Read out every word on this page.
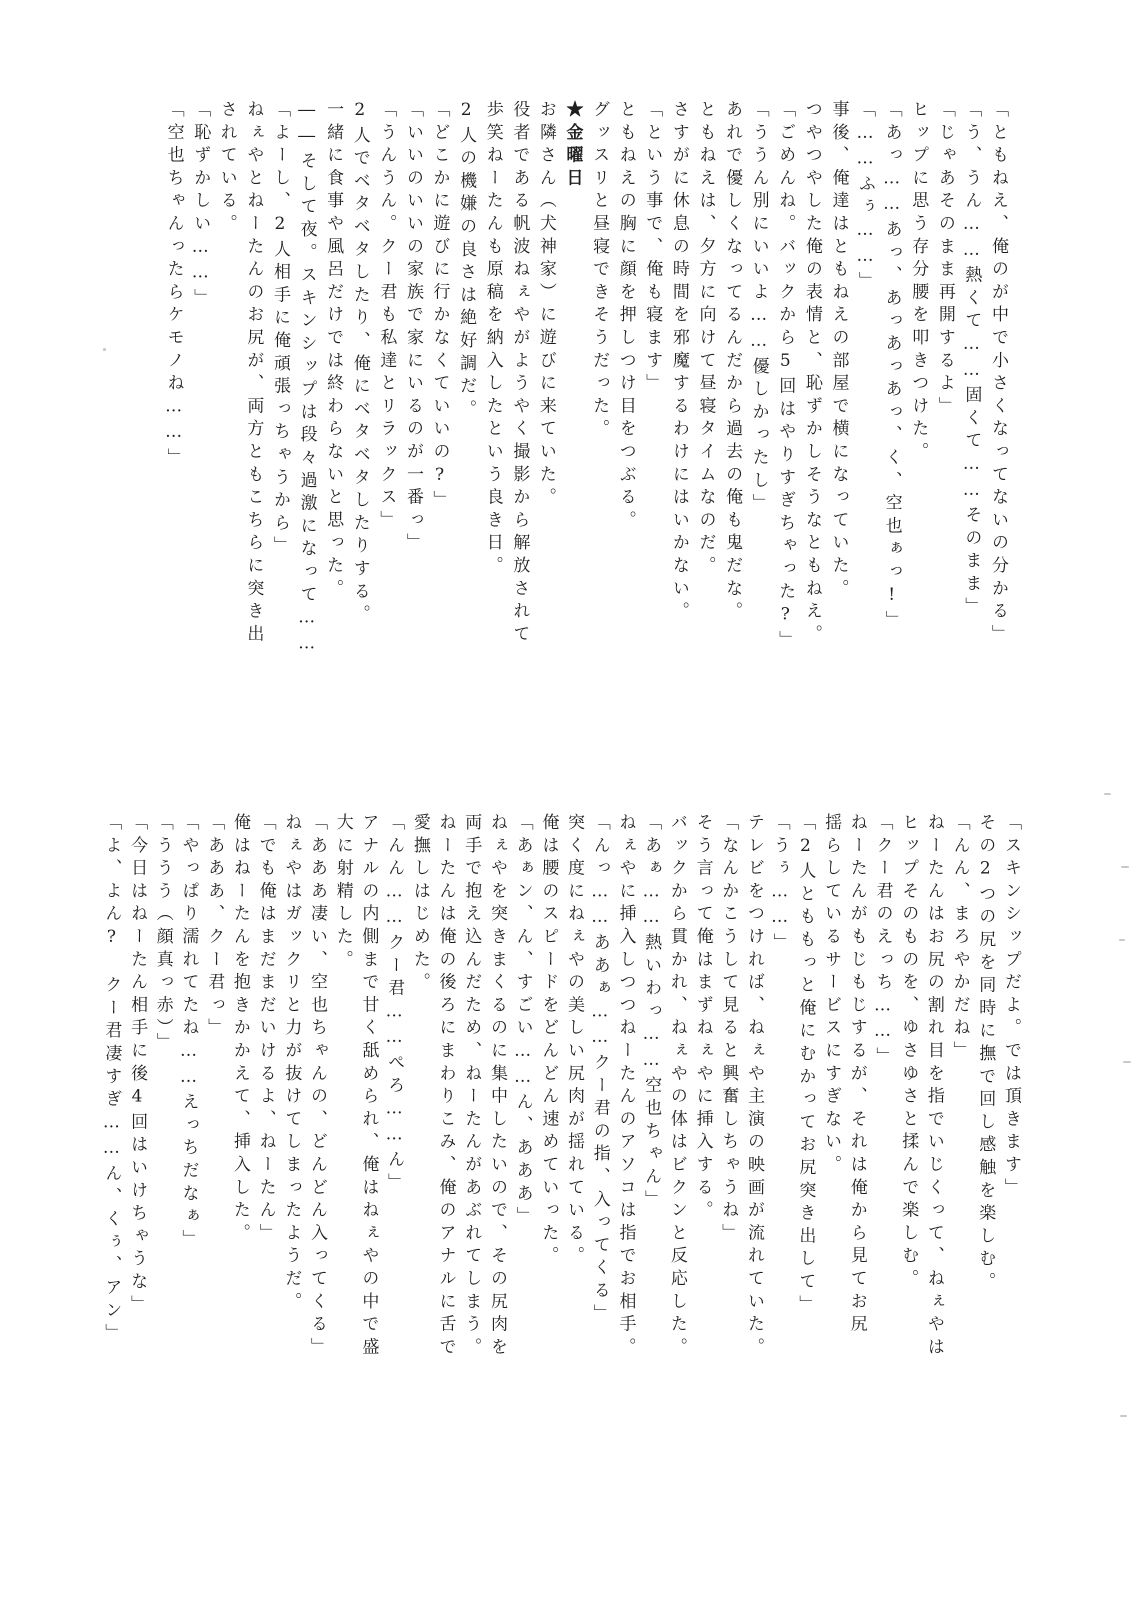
「ともねえ、俺のが中で小さくなってないの分かる」

「う、うん……熱くて……固くて……そのまま」

「じゃあそのまま再開するよ」

ヒップに思う存分腰を叩きつけた。

「あっ……あっ、あっあっあっ、く、空也ぁっ!」

「……ふぅ……」

事後、俺達はともねえの部屋で横になっていた。

つやつやした俺の表情と、恥ずかしそうなともねえ。

「ごめんね。バックから5回はやりすぎちゃった?」

「ううん別にいいよ……優しかったし」

あれで優しくなってるんだから過去の俺も鬼だな。

ともねえは、夕方に向けて昼寝タイムなのだ。

さすがに休息の時間を邪魔するわけにはいかない。

「という事で、俺も寝ます」

ともねえの胸に顔を押しつけ目をつぶる。

グッスリと昼寝できそうだった。

★金曜日

お隣さん（犬神家）に遊びに来ていた。

役者である帆波ねぇやがようやく撮影から解放されて

歩笑ねーたんも原稿を納入したという良き日。

2人の機嫌の良さは絶好調だ。

「どこかに遊びに行かなくていいの?」

「いいのいいの家族で家にいるのが一番っ」

「うんうん。クー君も私達とリラックス」

2人でベタベタしたり、俺にベタベタしたりする。

一緒に食事や風呂だけでは終わらないと思った。

――そして夜。スキンシップは段々過激になって……

「よーし、2人相手に俺頑張っちゃうから」

ねぇやとねーたんのお尻が、両方ともこちらに突き出

されている。

「恥ずかしい……」

「空也ちゃんったらケモノね……」

「スキンシップだよ。では頂きます」

その2つの尻を同時に撫で回し感触を楽しむ。

「んん、まろやかだね」

ねーたんはお尻の割れ目を指でいじくって、ねぇやは

ヒップそのものを、ゆさゆさと揉んで楽しむ。

「クー君のえっち……」

ねーたんがもじもじするが、それは俺から見てお尻

揺らしているサービスにすぎない。

「2人とももっと俺にむかってお尻突き出して」

「うぅ……」

テレビをつければ、ねぇや主演の映画が流れていた。

「なんかこうして見ると興奮しちゃうね」

そう言って俺はまずねぇやに挿入する。

バックから貫かれ、ねぇやの体はビクンと反応した。

「あぁ……熱いわっ……空也ちゃん」

ねぇやに挿入しつつねーたんのアソコは指でお相手。

「んっ……ああぁ……クー君の指、入ってくる」

突く度にねぇやの美しい尻肉が揺れている。

俺は腰のスピードをどんどん速めていった。

「あぁン、ん、すごい……ん、あああ」

ねぇやを突きまくるのに集中したいので、その尻肉を

両手で抱え込んだため、ねーたんがあぶれてしまう。

ねーたんは俺の後ろにまわりこみ、俺のアナルに舌で

愛撫しはじめた。

「んん……クー君……ぺろ……ん」

アナルの内側まで甘く舐められ、俺はねぇやの中で盛

大に射精した。

「あああ凄い、空也ちゃんの、どんどん入ってくる」

ねぇやはガックリと力が抜けてしまったようだ。

「でも俺はまだまだいけるよ、ねーたん」

俺はねーたんを抱きかかえて、挿入した。

「あああ、クー君っ」

「やっぱり濡れてたね……えっちだなぁ」

「ううう（顔真っ赤）」

「今日はねーたん相手に後4回はいけちゃうな」

「よ、よん?　クー君凄すぎ……ん、くぅ、アン」
